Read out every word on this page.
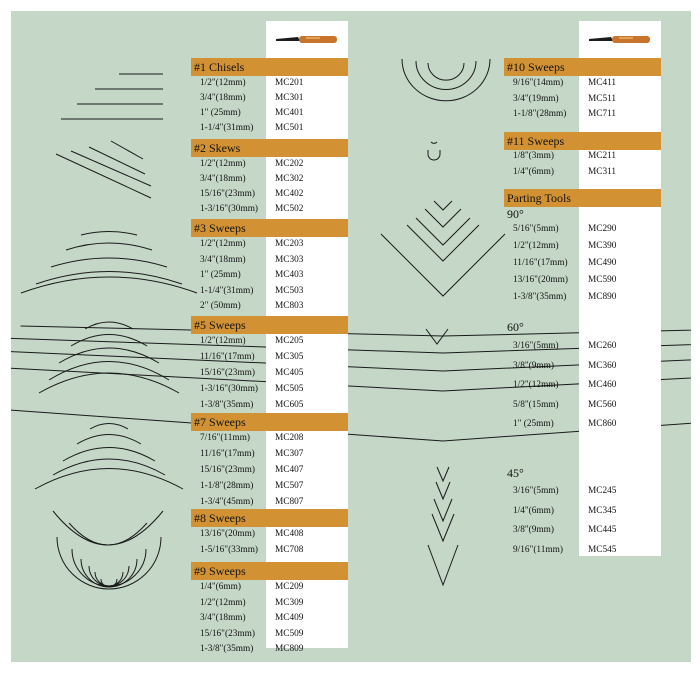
#1 Chisels
1/2"(12mm)	MC201
3/4"(18mm)	MC301
1" (25mm)	MC401
1-1/4"(31mm) MC501
#2 Skews
1/2"(12mm)	MC202
3/4"(18mm)	MC302
15/16"(23mm) MC402
1-3/16"(30mm) MC502
#3 Sweeps
1/2"(12mm)	MC203
3/4"(18mm)	MC303
1" (25mm)	MC403
1-1/4"(31mm) MC503
2" (50mm)	MC803
#5 Sweeps
1/2"(12mm)	MC205
11/16"(17mm) MC305
15/16"(23mm) MC405
1-3/16"(30mm) MC505
1-3/8"(35mm) MC605
#7 Sweeps
7/16"(11mm)	MC208
11/16"(17mm) MC307
15/16"(23mm) MC407
1-1/8"(28mm) MC507
1-3/4"(45mm) MC807
#8 Sweeps
13/16"(20mm) MC408
1-5/16"(33mm) MC708
#9 Sweeps
1/4"(6mm)	MC209
1/2"(12mm)	MC309
3/4"(18mm)	MC409
15/16"(23mm) MC509
1-3/8"(35mm) MC809
#10 Sweeps
9/16"(14mm)	MC411
3/4"(19mm)	MC511
1-1/8"(28mm) MC711
#11 Sweeps
1/8"(3mm)	MC211
1/4"(6mm)	MC311
Parting Tools
90°
5/16"(5mm)	MC290
1/2"(12mm)	MC390
11/16"(17mm) MC490
13/16"(20mm) MC590
1-3/8"(35mm) MC890
60°
3/16"(5mm)	MC260
3/8"(9mm)	MC360
1/2"(12mm)	MC460
5/8"(15mm)	MC560
1" (25mm)	MC860
45°
3/16"(5mm)	MC245
1/4"(6mm)	MC345
3/8"(9mm)	MC445
9/16"(11mm)	MC545
